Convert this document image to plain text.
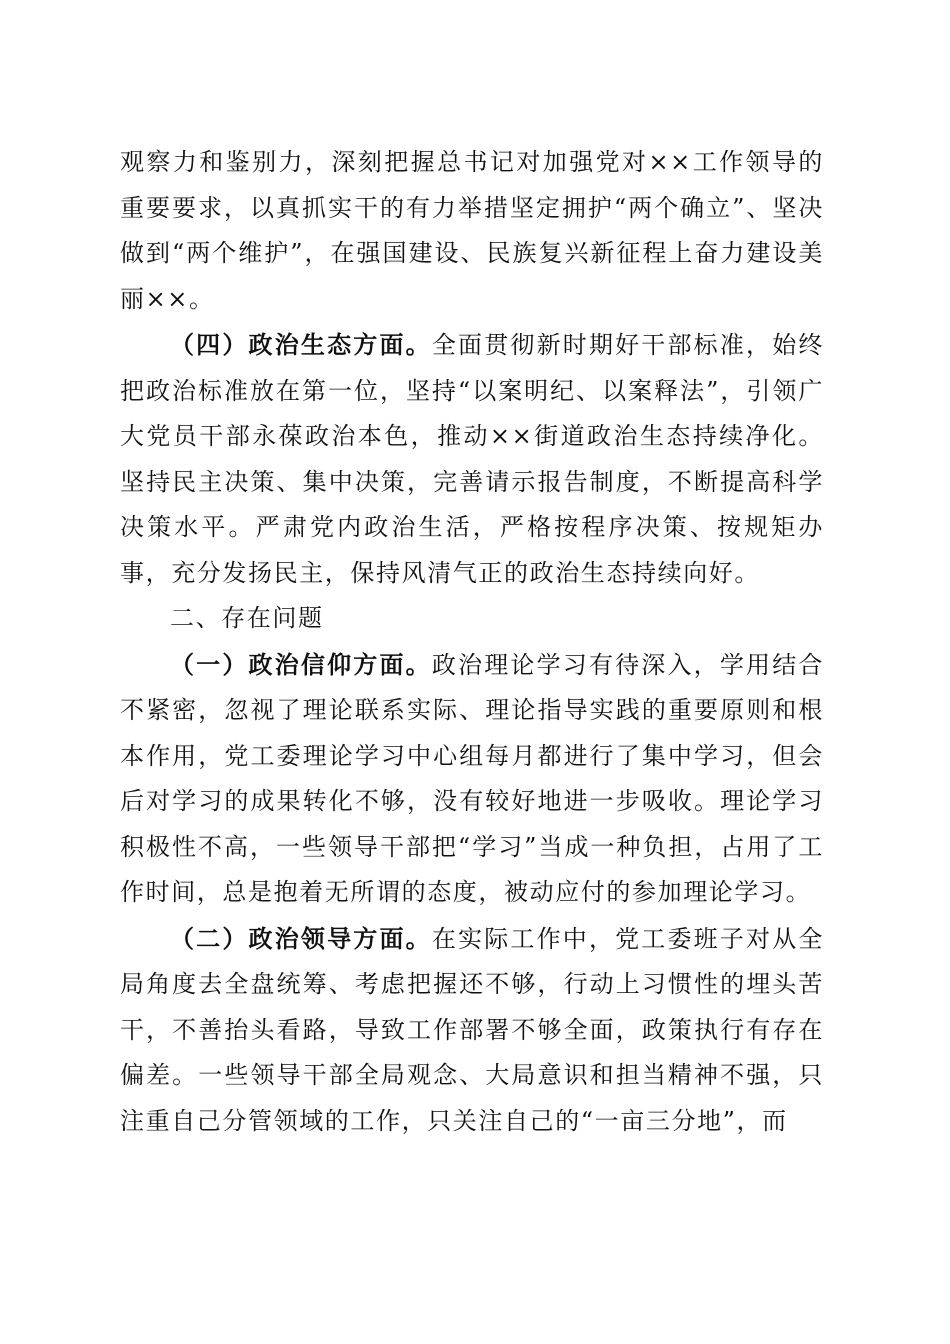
观察力和鉴别力，深刻把握总书记对加强党对××工作领导的重要要求，以真抓实干的有力举措坚定拥护“两个确立”、坚决做到“两个维护”，在强国建设、民族复兴新征程上奋力建设美丽××。

（四）政治生态方面。全面贯彻新时期好干部标准，始终把政治标准放在第一位，坚持“以案明纪、以案释法”，引领广大党员干部永葆政治本色，推动××街道政治生态持续净化。坚持民主决策、集中决策，完善请示报告制度，不断提高科学决策水平。严肃党内政治生活，严格按程序决策、按规矩办事，充分发扬民主，保持风清气正的政治生态持续向好。

二、存在问题

（一）政治信仰方面。政治理论学习有待深入，学用结合不紧密，忽视了理论联系实际、理论指导实践的重要原则和根本作用，党工委理论学习中心组每月都进行了集中学习，但会后对学习的成果转化不够，没有较好地进一步吸收。理论学习积极性不高，一些领导干部把“学习”当成一种负担，占用了工作时间，总是抱着无所谓的态度，被动应付的参加理论学习。

（二）政治领导方面。在实际工作中，党工委班子对从全局角度去全盘统筹、考虑把握还不够，行动上习惯性的埋头苦干，不善抬头看路，导致工作部署不够全面，政策执行有存在偏差。一些领导干部全局观念、大局意识和担当精神不强，只注重自己分管领域的工作，只关注自己的“一亩三分地”，而
